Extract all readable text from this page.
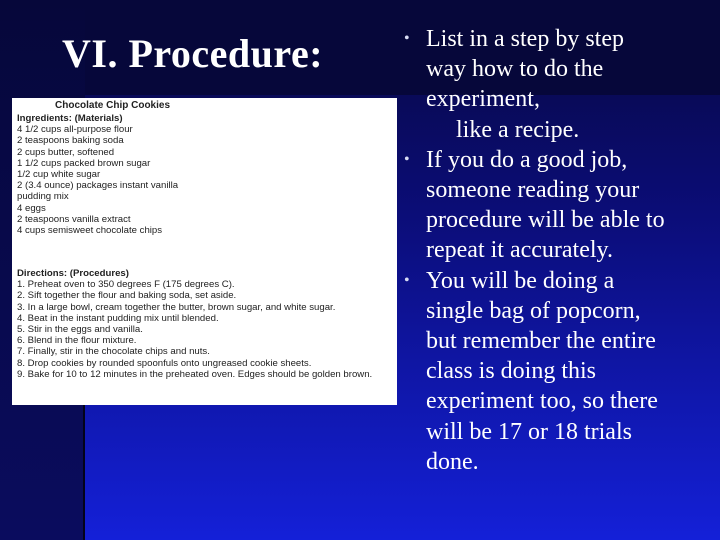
VI. Procedure:
Chocolate Chip Cookies
Ingredients: (Materials)
4 1/2 cups all-purpose flour
2 teaspoons baking soda
2 cups butter, softened
1 1/2 cups packed brown sugar
1/2 cup white sugar
2 (3.4 ounce) packages instant vanilla
pudding mix
4 eggs
2 teaspoons vanilla extract
4 cups semisweet chocolate chips
Directions: (Procedures)
1. Preheat oven to 350 degrees F (175 degrees C).
2. Sift together the flour and baking soda, set aside.
3. In a large bowl, cream together the butter, brown sugar, and white sugar.
4. Beat in the instant pudding mix until blended.
5. Stir in the eggs and vanilla.
6. Blend in the flour mixture.
7. Finally, stir in the chocolate chips and nuts.
8. Drop cookies by rounded spoonfuls onto ungreased cookie sheets.
9. Bake for 10 to 12 minutes in the preheated oven. Edges should be golden brown.
• List in a step by step
way how to do the
experiment,
like a recipe.
• If you do a good job,
someone reading your
procedure will be able to
repeat it accurately.
• You will be doing a
single bag of popcorn,
but remember the entire
class is doing this
experiment too, so there
will be 17 or 18 trials
done.
